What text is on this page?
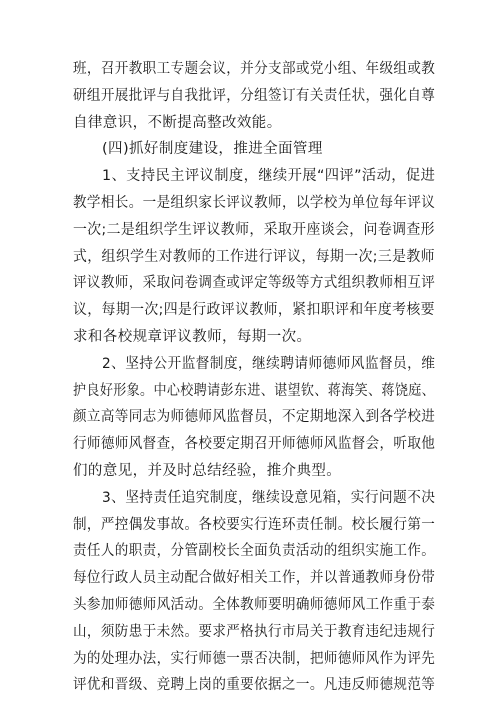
班，召开教职工专题会议，并分支部或党小组、年级组或教
研组开展批评与自我批评，分组签订有关责任状，强化自尊
自律意识，不断提高整改效能。
(四)抓好制度建设，推进全面管理
1、支持民主评议制度，继续开展“四评”活动，促进
教学相长。一是组织家长评议教师，以学校为单位每年评议
一次;二是组织学生评议教师，采取开座谈会，问卷调查形
式，组织学生对教师的工作进行评议，每期一次;三是教师
评议教师，采取问卷调查或评定等级等方式组织教师相互评
议，每期一次;四是行政评议教师，紧扣职评和年度考核要
求和各校规章评议教师，每期一次。
2、坚持公开监督制度，继续聘请师德师风监督员，维
护良好形象。中心校聘请彭东进、谌望钦、蒋海笑、蒋饶庭、
颜立高等同志为师德师风监督员，不定期地深入到各学校进
行师德师风督查，各校要定期召开师德师风监督会，听取他
们的意见，并及时总结经验，推介典型。
3、坚持责任追究制度，继续设意见箱，实行问题不决
制，严控偶发事故。各校要实行连环责任制。校长履行第一
责任人的职责，分管副校长全面负责活动的组织实施工作。
每位行政人员主动配合做好相关工作，并以普通教师身份带
头参加师德师风活动。全体教师要明确师德师风工作重于泰
山，须防患于未然。要求严格执行市局关于教育违纪违规行
为的处理办法，实行师德一票否决制，把师德师风作为评先
评优和晋级、竞聘上岗的重要依据之一。凡违反师德规范等
